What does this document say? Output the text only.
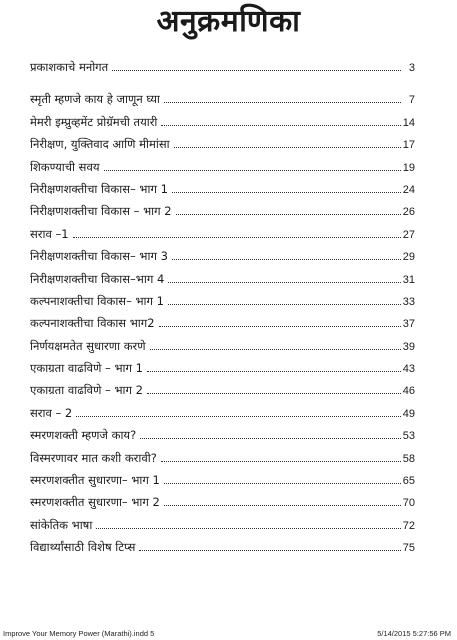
अनुक्रमणिका
प्रकाशकाचे मनोगत	3
स्मृती म्हणजे काय हे जाणून घ्या	7
मेमरी इम्प्रुव्हमेंट प्रोग्रॅमची तयारी	14
निरीक्षण, युक्तिवाद आणि मीमांसा	17
शिकण्याची सवय	19
निरीक्षणशक्तीचा विकास– भाग 1	24
निरीक्षणशक्तीचा विकास – भाग 2	26
सराव –1	27
निरीक्षणशक्तीचा विकास– भाग 3	29
निरीक्षणशक्तीचा विकास–भाग 4	31
कल्पनाशक्तीचा विकास– भाग 1	33
कल्पनाशक्तीचा विकास भाग2	37
निर्णयक्षमतेत सुधारणा करणे	39
एकाग्रता वाढविणे – भाग 1	43
एकाग्रता वाढविणे – भाग 2	46
सराव – 2	49
स्मरणशक्ती म्हणजे काय?	53
विस्मरणावर मात कशी करावी?	58
स्मरणशक्तीत सुधारणा– भाग 1	65
स्मरणशक्तीत सुधारणा– भाग 2	70
सांकेतिक भाषा	72
विद्यार्थ्यांसाठी विशेष टिप्स	75
Improve Your Memory Power (Marathi).indd 5	5/14/2015 5:27:56 PM
